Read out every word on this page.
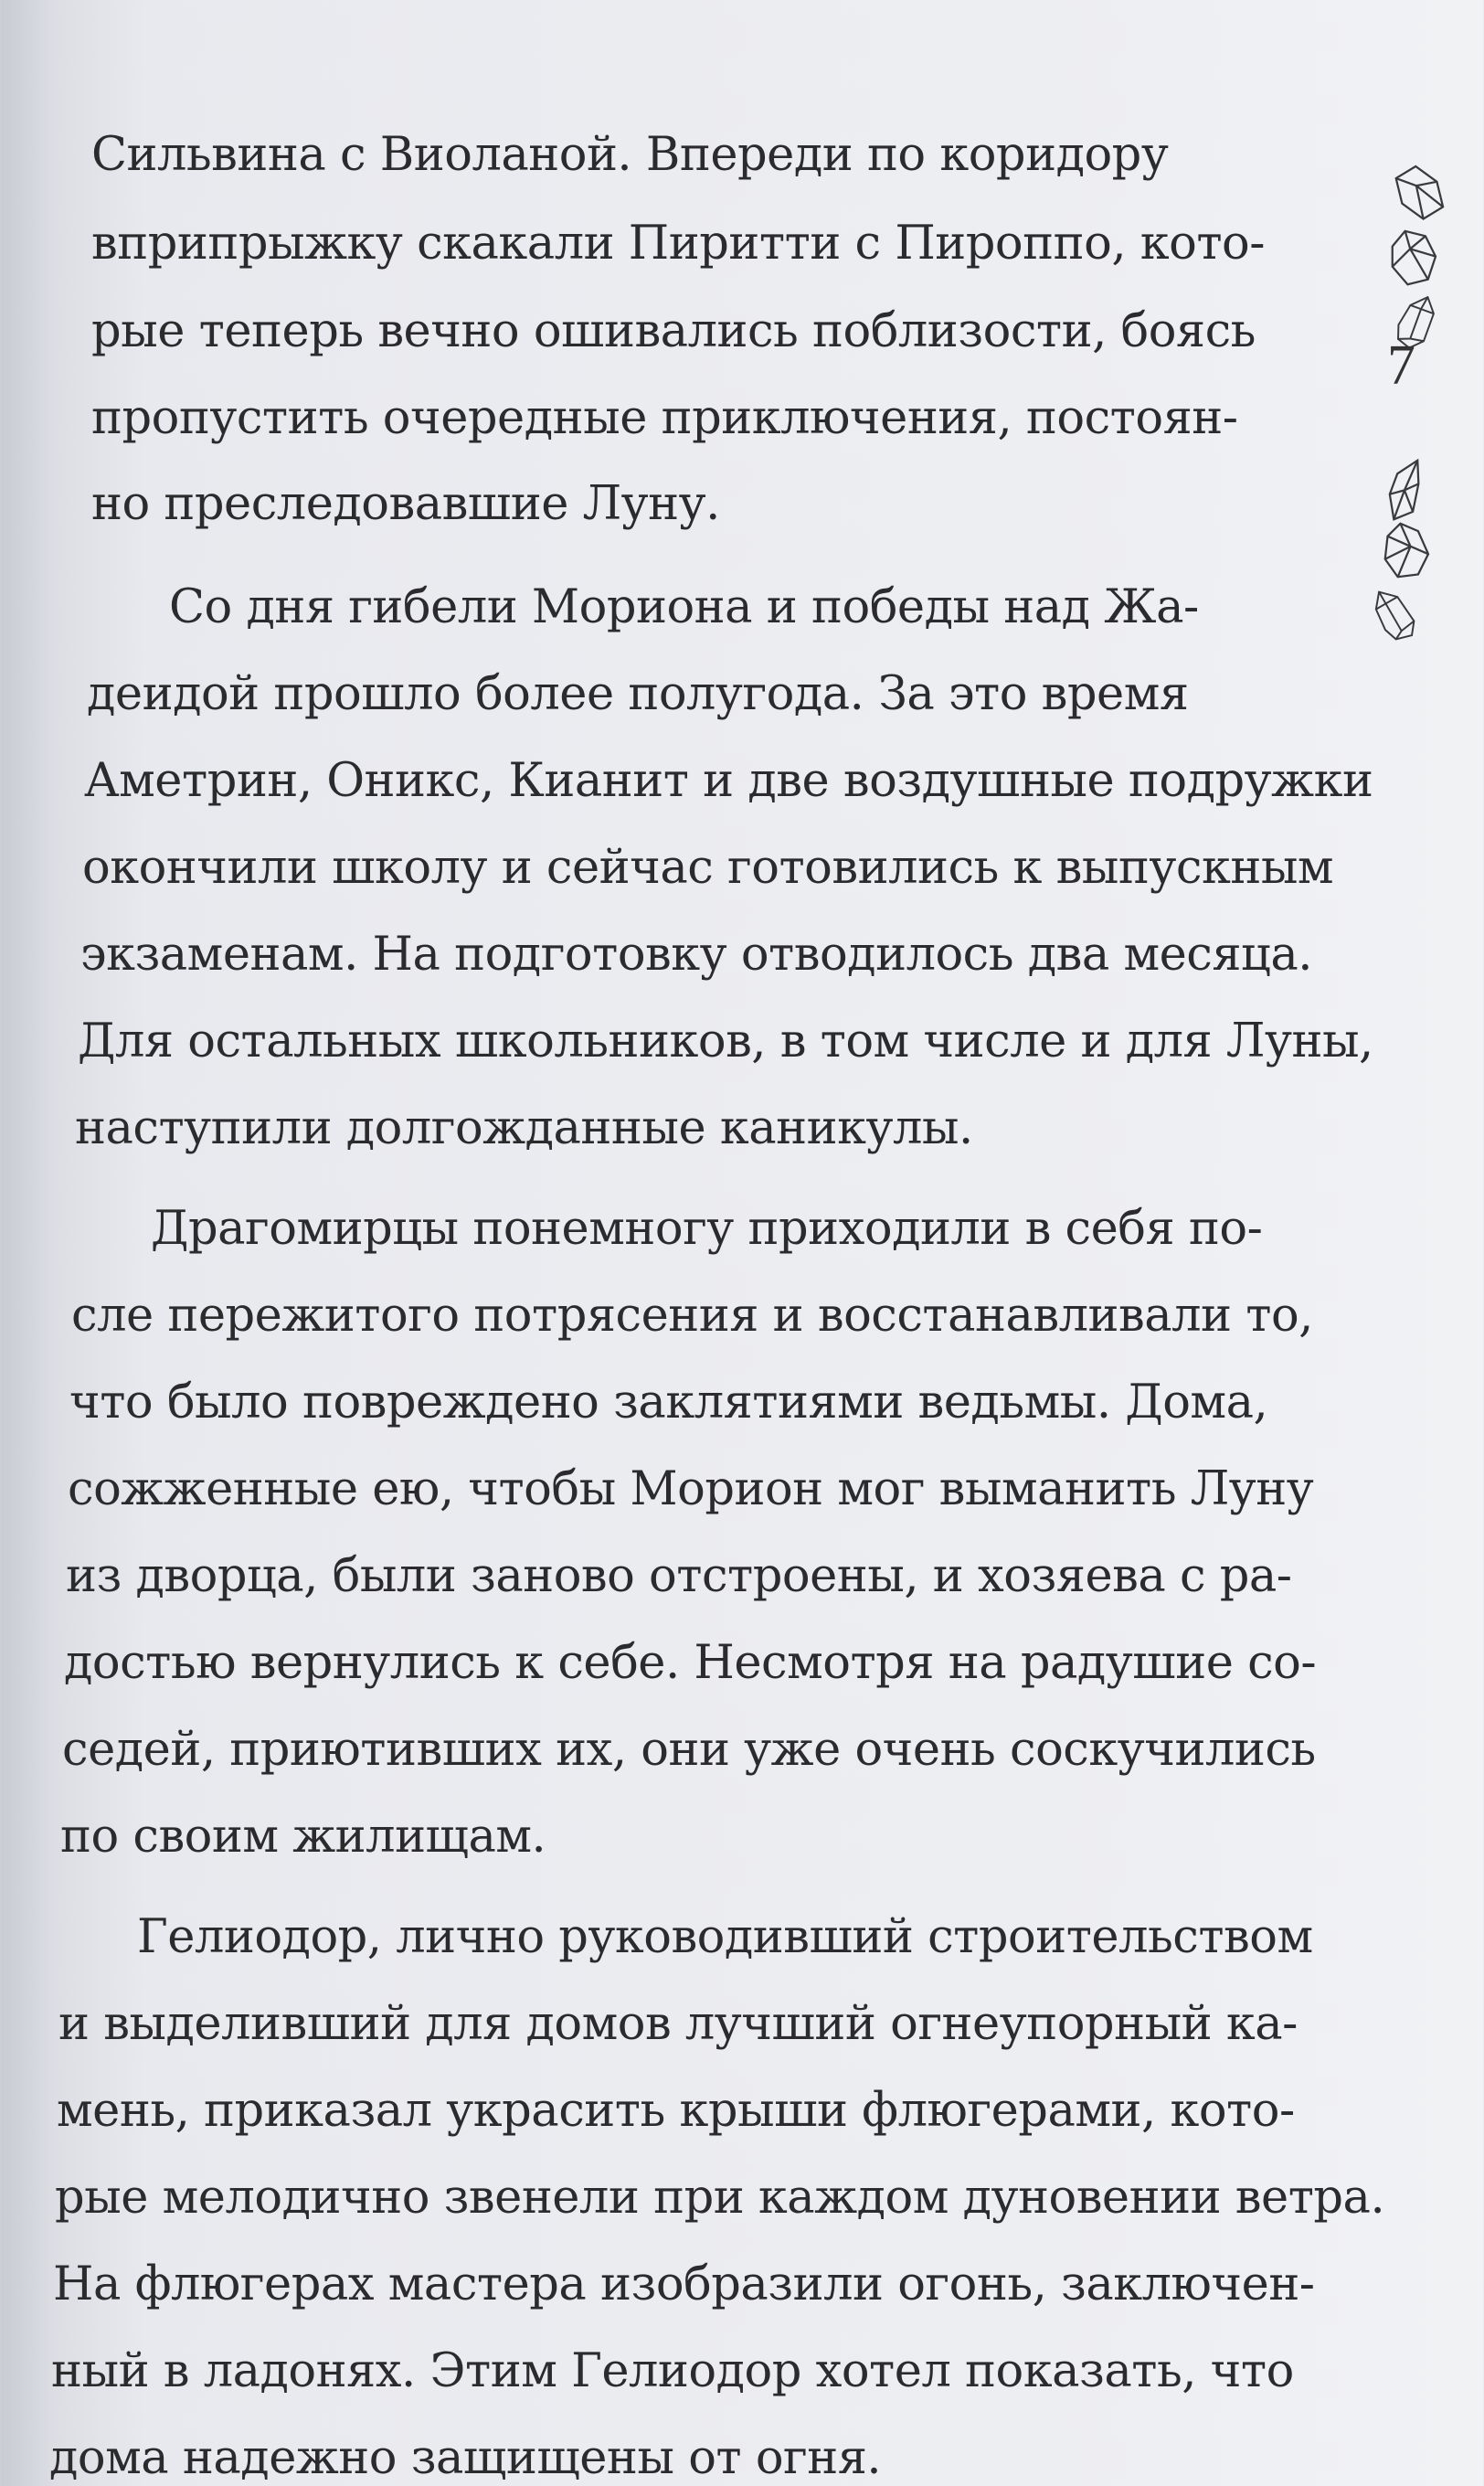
Сильвина с Виоланой. Впереди по коридору
вприпрыжку скакали Пиритти с Пироппо, кото-
рые теперь вечно ошивались поблизости, боясь
пропустить очередные приключения, постоян-
но преследовавшие Луну.
Со дня гибели Мориона и победы над Жа-
деидой прошло более полугода. За это время
Аметрин, Оникс, Кианит и две воздушные подружки
окончили школу и сейчас готовились к выпускным
экзаменам. На подготовку отводилось два месяца.
Для остальных школьников, в том числе и для Луны,
наступили долгожданные каникулы.
Драгомирцы понемногу приходили в себя по-
сле пережитого потрясения и восстанавливали то,
что было повреждено заклятиями ведьмы. Дома,
сожженные ею, чтобы Морион мог выманить Луну
из дворца, были заново отстроены, и хозяева с ра-
достью вернулись к себе. Несмотря на радушие со-
седей, приютивших их, они уже очень соскучились
по своим жилищам.
Гелиодор, лично руководивший строительством
и выделивший для домов лучший огнеупорный ка-
мень, приказал украсить крыши флюгерами, кото-
рые мелодично звенели при каждом дуновении ветра.
На флюгерах мастера изобразили огонь, заключен-
ный в ладонях. Этим Гелиодор хотел показать, что
дома надежно защищены от огня.
7
